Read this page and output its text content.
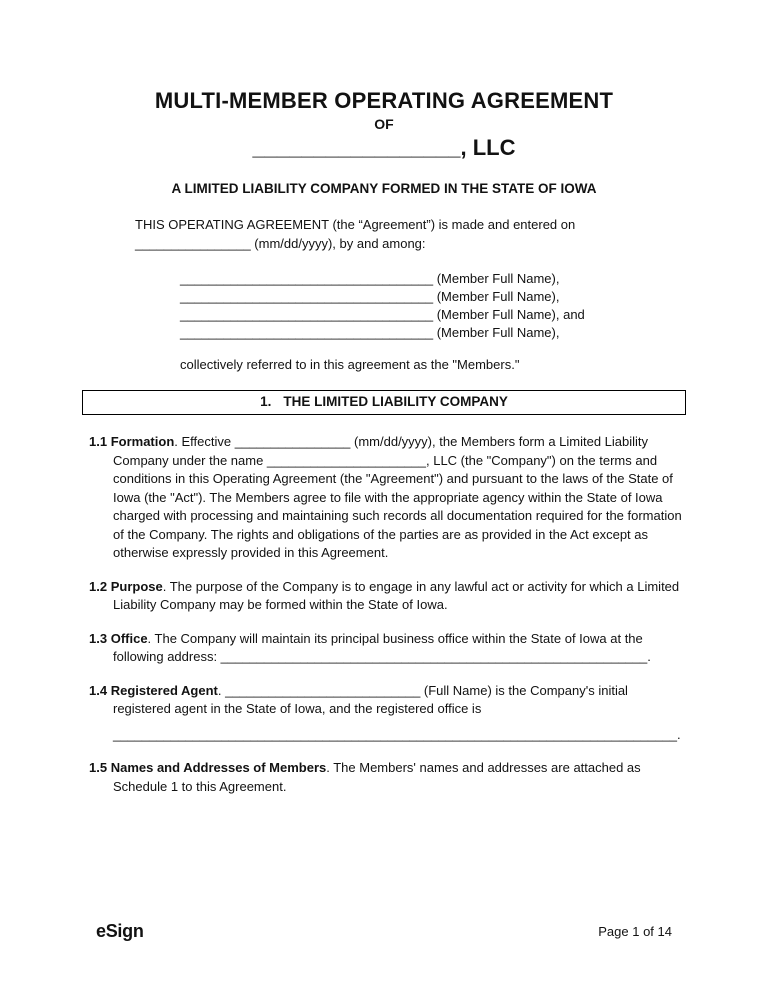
MULTI-MEMBER OPERATING AGREEMENT
OF
_________________, LLC
A LIMITED LIABILITY COMPANY FORMED IN THE STATE OF IOWA

THIS OPERATING AGREEMENT (the “Agreement”) is made and entered on ________________ (mm/dd/yyyy), by and among:

___________________________________ (Member Full Name),
___________________________________ (Member Full Name),
___________________________________ (Member Full Name), and
___________________________________ (Member Full Name),
collectively referred to in this agreement as the "Members."
1. THE LIMITED LIABILITY COMPANY

1.1 Formation. Effective ________________ (mm/dd/yyyy), the Members form a Limited Liability Company under the name ______________________, LLC (the "Company") on the terms and conditions in this Operating Agreement (the "Agreement") and pursuant to the laws of the State of Iowa (the "Act"). The Members agree to file with the appropriate agency within the State of Iowa charged with processing and maintaining such records all documentation required for the formation of the Company. The rights and obligations of the parties are as provided in the Act except as otherwise expressly provided in this Agreement.

1.2 Purpose. The purpose of the Company is to engage in any lawful act or activity for which a Limited Liability Company may be formed within the State of Iowa.

1.3 Office. The Company will maintain its principal business office within the State of Iowa at the following address: ___________________________________________________________.

1.4 Registered Agent. ___________________________ (Full Name) is the Company's initial registered agent in the State of Iowa, and the registered office is

______________________________________________________________________________.

1.5 Names and Addresses of Members. The Members' names and addresses are attached as Schedule 1 to this Agreement.

eSign	Page 1 of 14
